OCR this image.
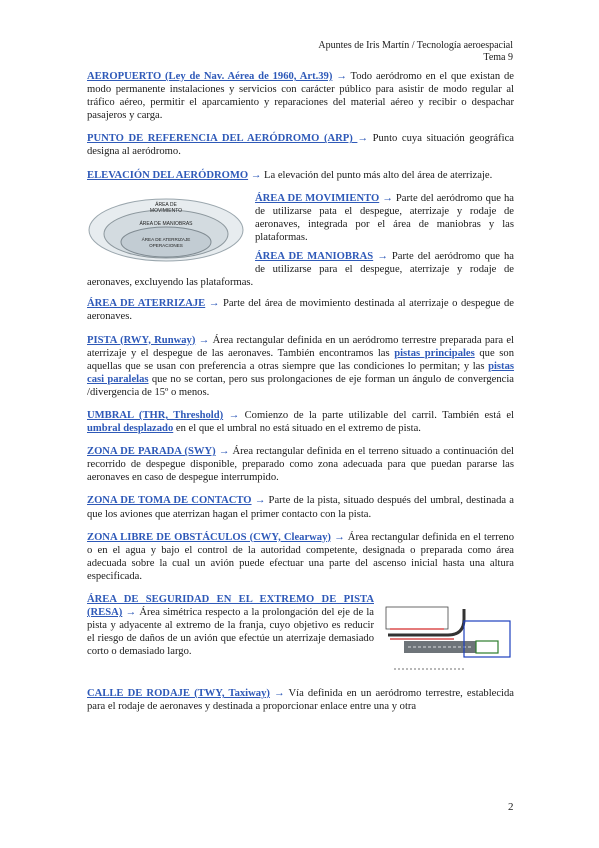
Apuntes de Iris Martín / Tecnología aeroespacial
Tema 9

AEROPUERTO (Ley de Nav. Aérea de 1960, Art.39) → Todo aeródromo en el que existan de modo permanente instalaciones y servicios con carácter público para asistir de modo regular al tráfico aéreo, permitir el aparcamiento y reparaciones del material aéreo y recibir o despachar pasajeros y carga.

PUNTO DE REFERENCIA DEL AERÓDROMO (ARP) → Punto cuya situación geográfica designa al aeródromo.

ELEVACIÓN DEL AERÓDROMO → La elevación del punto más alto del área de aterrizaje.

ÁREA DE
MOVIMIENTO
ÁREA DE MANIOBRAS
ÁREA DE ATERRIZAJE
OPERACIONES

ÁREA DE MOVIMIENTO → Parte del aeródromo que ha de utilizarse pata el despegue, aterrizaje y rodaje de aeronaves, integrada por el área de maniobras y las plataformas.

ÁREA DE MANIOBRAS → Parte del aeródromo que ha de utilizarse para el despegue, aterrizaje y rodaje de aeronaves, excluyendo las plataformas.

ÁREA DE ATERRIZAJE → Parte del área de movimiento destinada al aterrizaje o despegue de aeronaves.

PISTA (RWY, Runway) → Área rectangular definida en un aeródromo terrestre preparada para el aterrizaje y el despegue de las aeronaves. También encontramos las pistas principales que son aquellas que se usan con preferencia a otras siempre que las condiciones lo permitan; y las pistas casi paralelas que no se cortan, pero sus prolongaciones de eje forman un ángulo de convergencia /divergencia de 15º o menos.

UMBRAL (THR, Threshold) → Comienzo de la parte utilizable del carril. También está el umbral desplazado en el que el umbral no está situado en el extremo de pista.

ZONA DE PARADA (SWY) → Área rectangular definida en el terreno situado a continuación del recorrido de despegue disponible, preparado como zona adecuada para que puedan pararse las aeronaves en caso de despegue interrumpido.

ZONA DE TOMA DE CONTACTO → Parte de la pista, situado después del umbral, destinada a que los aviones que aterrizan hagan el primer contacto con la pista.

ZONA LIBRE DE OBSTÁCULOS (CWY, Clearway) → Área rectangular definida en el terreno o en el agua y bajo el control de la autoridad competente, designada o preparada como área adecuada sobre la cual un avión puede efectuar una parte del ascenso inicial hasta una altura especificada.

ÁREA DE SEGURIDAD EN EL EXTREMO DE PISTA (RESA) → Área simétrica respecto a la prolongación del eje de la pista y adyacente al extremo de la franja, cuyo objetivo es reducir el riesgo de daños de un avión que efectúe un aterrizaje demasiado corto o demasiado largo.

CALLE DE RODAJE (TWY, Taxiway) → Vía definida en un aeródromo terrestre, establecida para el rodaje de aeronaves y destinada a proporcionar enlace entre una y otra

2
